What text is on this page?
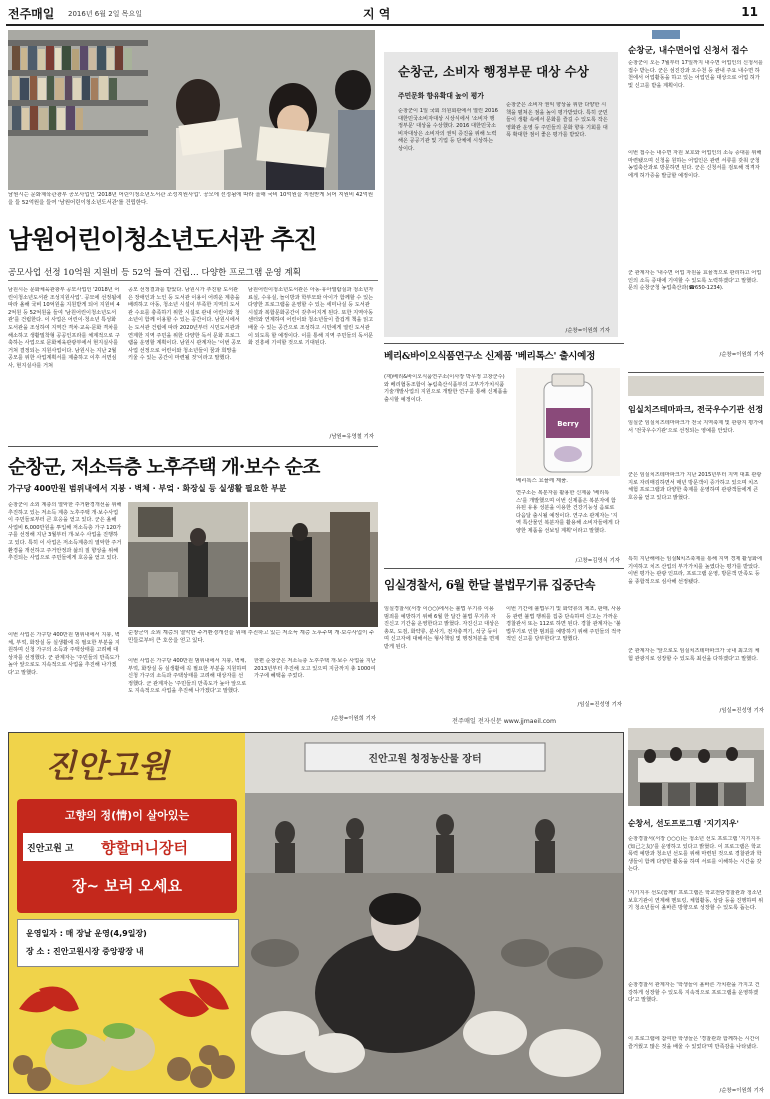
전주매일 2016년 6월 2일 목요일	지 역	11
남원시는 문화체육관광부 공모사업인 '2018년 어린이청소년도서관 조성지원사업'. 공모에 선정됨에 따라 올해 국비 10억원을 지원받게 되어 지원비 42억원을 들 52억원을 들여 '남원어린이청소년도서관'를 건립한다.
남원어린이청소년도서관 추진
공모사업 선정 10억원 지원비 등 52억 들여 건립… 다양한 프로그램 운영 계획
남원시는 문화체육관광부 공모사업인 '2018년 어린이청소년도서관 조성지원사업'. 공모에 선정됨에 따라 올해 국비 10억원을 지원받게 되어 지원비 42억원 등 52억원을 들여 '남원어린이청소년도서관'를 건립한다. 이 사업은 어린이·청소년 특성화 도서관을 조성하여 지역간 격차·교육·문화 격차를 해소하고 생활밀착형 공공인프라를 체계적으로 구축하는 사업으로 문화체육관광부에서 현지실사를 거쳐 결정되는 지원사업이다. 남원시는 지난 2월 공모를 위한 사업계획서를 제출하고 이후 서면심사, 현지실사를 거쳐
공모 선정결과를 받았다. 남원시가 추진할 도서관은 장애인과 노인 등 도서관 이용이 어려운 계층을 배려하고 아동, 청소년 시설이 부족한 지역의 도서관 수요를 충족하기 위한 시설로 관내 어린이와 청소년이 함께 이용할 수 있는 공간이다. 남원시에서는 도서관 건립에 따라 2020년부터 시민도서관과 연계한 지역 주민을 위한 다양한 독서 문화 프로그램을 운영할 계획이다. 남원시 관계자는 '이번 공모사업 선정으로 어린이와 청소년들이 꿈과 희망을 키울 수 있는 공간이 마련될 것'이라고 말했다.
남원어린이청소년도서관은 아동·유아열람실과 청소년자료실, 수유실, 놀이방과 학부모와 아이가 함께할 수 있는 다양한 프로그램을 운영할 수 있는 세미나실 등 도서관 시설과 복합문화공간이 갖추어지게 된다. 또한 지역아동센터와 연계하여 어린이와 청소년들이 즐겁게 책을 읽고 배울 수 있는 공간으로 조성하고 시민에게 열린 도서관이 되도록 할 예정이다. 이를 통해 지역 주민들의 독서문화 진흥에 기여할 것으로 기대된다.
/남원=유영철 기자
순창군, 저소득층 노후주택 개·보수 순조
가구당 400만원 범위내에서 지붕 · 벽체 · 부엌 · 화장실 등 실생활 필요한 부분
순창군이 소외 계층의 열악한 주거환경개선을 위해 추진하고 있는 저소득 계층 노후주택 개·보수사업이 주민들로부터 큰 호응을 얻고 있다. 군은 올해 사업비 6,000만원을 투입해 저소득층 가구 120가구를 선정해 지난 3월부터 개·보수 사업을 진행하고 있다. 특히 이 사업은 저소득계층의 열악한 주거환경을 개선하고 주거안정과 삶의 질 향상을 위해 추진되는 사업으로 주민들에게 호응을 얻고 있다.
순창군이 소외 계층의 열악한 주거환경개선을 위해 추진하고 있는 저소득 계층 노후주택 개·보수사업이 주민들로부터 큰 호응을 얻고 있다.
이번 사업은 가구당 400만원 범위내에서 지붕, 벽체, 부엌, 화장실 등 실생활에 꼭 필요한 부분을 지원하며 신청 가구의 소득과 주택상태를 고려해 대상자를 선정했다. 군 관계자는 '주민들의 만족도가 높아 앞으로도 지속적으로 사업을 추진해 나가겠다'고 말했다.
이번 사업은 가구당 400만원 범위내에서 지붕, 벽체, 부엌, 화장실 등 실생활에 꼭 필요한 부분을 지원하며 신청 가구의 소득과 주택상태를 고려해 대상자를 선정했다. 군 관계자는 '주민들의 만족도가 높아 앞으로도 지속적으로 사업을 추진해 나가겠다'고 말했다.
한편 순창군은 저소득층 노후주택 개·보수 사업을 지난 2013년부터 추진해 오고 있으며 지금까지 총 1000여 가구에 혜택을 주었다.
/순창=이원희 기자
순창군, 소비자 행정부문 대상 수상
주민문화 향유확대 높이 평가
순창군이 1일 국회 의원회관에서 열린 2016 대한민국소비자대상 시상식에서 '소비자 행정부문' 대상을 수상했다. 2016 대한민국소비자대상은 소비자의 권익 증진을 위해 노력해온 공공기관 및 기업 등 단체에 시상하는 상이다.
순창군은 소비자 권익 향상을 위한 다양한 시책을 펼쳐온 점을 높이 평가받았다. 특히 군민들이 생활 속에서 문화를 즐길 수 있도록 작은영화관 운영 등 주민들의 문화 향유 기회를 대폭 확대한 점이 좋은 평가를 받았다.
/순창=이원희 기자
베리&바이오식품연구소 신제품 '베리톡스' 출시예정
(재)베리&바이오식품연구소(이사장 박우정 고창군수)와 베리협동조합이 농림축산식품부의 고부가가치식품기술개발사업의 지원으로 개발한 연구를 통해 신제품을 출시할 예정이다.
Berry
베리톡스 요플레 제품.
연구소는 복분자를 활용한 신제품 '베리톡스'를 개발했으며 이번 신제품은 복분자에 함유된 유용 성분을 이용한 건강기능성 음료로 다음달 출시될 예정이다. 연구소 관계자는 '지역 특산물인 복분자를 활용해 소비자들에게 다양한 제품을 선보일 계획'이라고 말했다.
/고창=김영식 기자
임실경찰서, 6월 한달 불법무기류 집중단속
임실경찰서(서장 이○○)에서는 불법 무기류 이용 범죄를 예방하기 위해 6월 한 달간 불법 무기류 자진신고 기간을 운영한다고 밝혔다. 자진신고 대상은 총포, 도검, 화약류, 분사기, 전자충격기, 석궁 등이며 신고자에 대해서는 형사책임 및 행정처분을 면제받게 된다.
이번 기간에 불법무기 및 화약류의 제조, 판매, 사용 등 관련 불법 행위를 집중 단속하며 신고는 가까운 경찰관서 또는 112로 하면 된다. 경찰 관계자는 '불법무기로 인한 범죄를 예방하기 위해 주민들의 적극적인 신고를 당부한다'고 말했다.
/임실=진성영 기자
전주매일 전자신문 www.jjmaeil.com
순창군, 내수면어업 신청서 접수
순창군이 오는 7월부터 17일까지 내수면 어업인의 신청서를 접수 받는다. 군은 섬진강과 오수천 등 관내 주요 내수면 하천에서 어업활동을 하고 있는 어업인을 대상으로 어업 허가 및 신고를 받을 계획이다.
이번 접수는 내수면 자원 보호와 어업인의 소득 증대를 위해 마련됐으며 신청을 원하는 어업인은 관련 서류를 갖춰 군청 농업축산과로 방문하면 된다. 군은 신청서를 검토해 적격자에게 허가증을 발급할 예정이다.
군 관계자는 '내수면 어업 자원을 효율적으로 관리하고 어업인의 소득 증대에 기여할 수 있도록 노력하겠다'고 말했다. 문의 순창군청 농업축산과(☎650-1234).
/순창=이원희 기자
임실치즈테마파크, 전국우수기관 선정
임실군 임실치즈테마파크가 전국 지역축제 및 관광지 평가에서 '전국우수기관'으로 선정되는 영예를 안았다.
군은 임실치즈테마파크가 지난 2015년부터 지역 대표 관광지로 자리매김하면서 매년 방문객이 증가하고 있으며 치즈 체험 프로그램과 다양한 축제를 운영하며 관광객들에게 큰 호응을 얻고 있다고 밝혔다.
특히 지난해에는 임실N치즈축제를 통해 지역 경제 활성화에 기여하고 치즈 산업의 부가가치를 높였다는 평가를 받았다. 이번 평가는 관광 인프라, 프로그램 운영, 방문객 만족도 등을 종합적으로 심사해 선정됐다.
군 관계자는 '앞으로도 임실치즈테마파크가 국내 최고의 체험 관광지로 성장할 수 있도록 최선을 다하겠다'고 말했다.
/임실=진성영 기자
순창서, 선도프로그램 '지기지우'
순창경찰서(서장 ○○○)는 청소년 선도 프로그램 '지기지우(知己之友)'를 운영하고 있다고 밝혔다. 이 프로그램은 학교폭력 예방과 청소년 선도를 위해 마련된 것으로 경찰관과 학생들이 함께 다양한 활동을 하며 서로를 이해하는 시간을 갖는다.
'지기지우 선도(함께)' 프로그램은 학교전담경찰관과 청소년 보호기관이 연계해 멘토링, 체험활동, 상담 등을 진행하며 위기 청소년들이 올바른 방향으로 성장할 수 있도록 돕는다.
순창경찰서 관계자는 '학생들이 올바른 가치관을 가지고 건강하게 성장할 수 있도록 지속적으로 프로그램을 운영하겠다'고 말했다.
이 프로그램에 참여한 학생들은 '경찰관과 함께하는 시간이 즐거웠고 많은 것을 배울 수 있었다'며 만족감을 나타냈다.
/순창=이원희 기자
진안고원
고향의 정(情)이 살아있는
진안고원 고 향할머니장터
장~ 보러 오세요
운영일자 : 매 장날 운영(4,9일장)
장 소 : 진안고원시장 중앙광장 내
진안고원 청정농산물 장터
